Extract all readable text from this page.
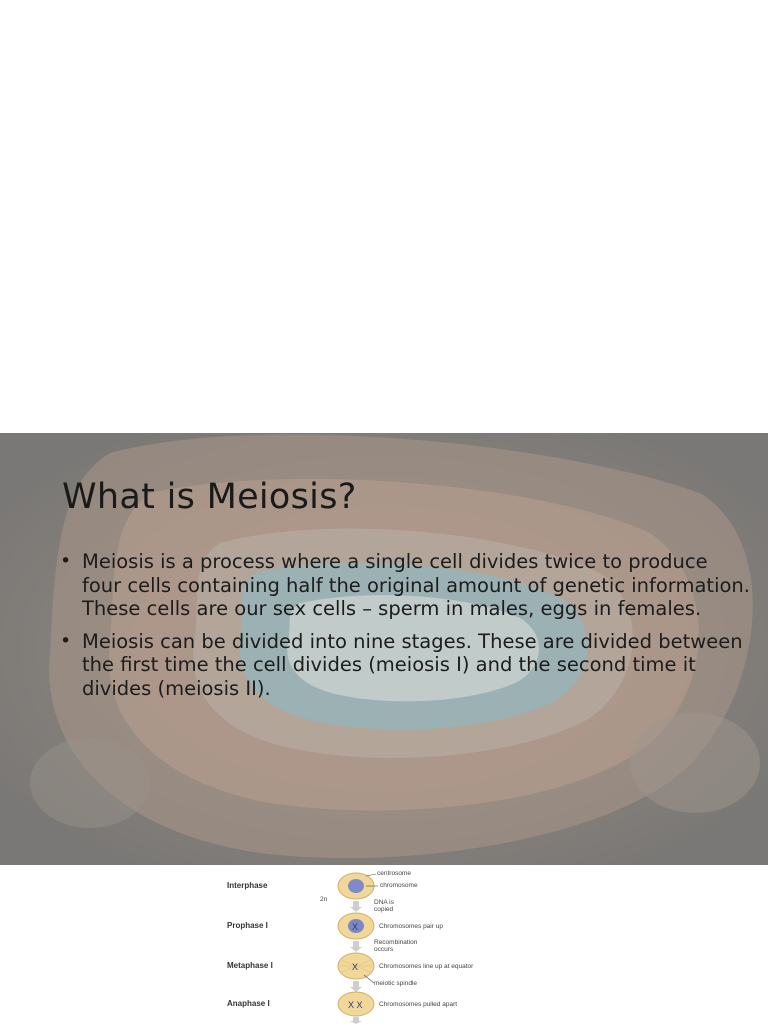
What is Meiosis?
• Meiosis is a process where a single cell divides twice to produce four cells containing half the original amount of genetic information. These cells are our sex cells – sperm in males, eggs in females.
• Meiosis can be divided into nine stages. These are divided between the first time the cell divides (meiosis I) and the second time it divides (meiosis II).
X
X
X X
Interphase
Prophase I
Metaphase I
Anaphase I
centrosome
chromosome
2n	DNA is
copied
Chromosomes pair up
Recombination
occurs
Chromosomes line up at equator
meiotic spindle
Chromosomes pulled apart
